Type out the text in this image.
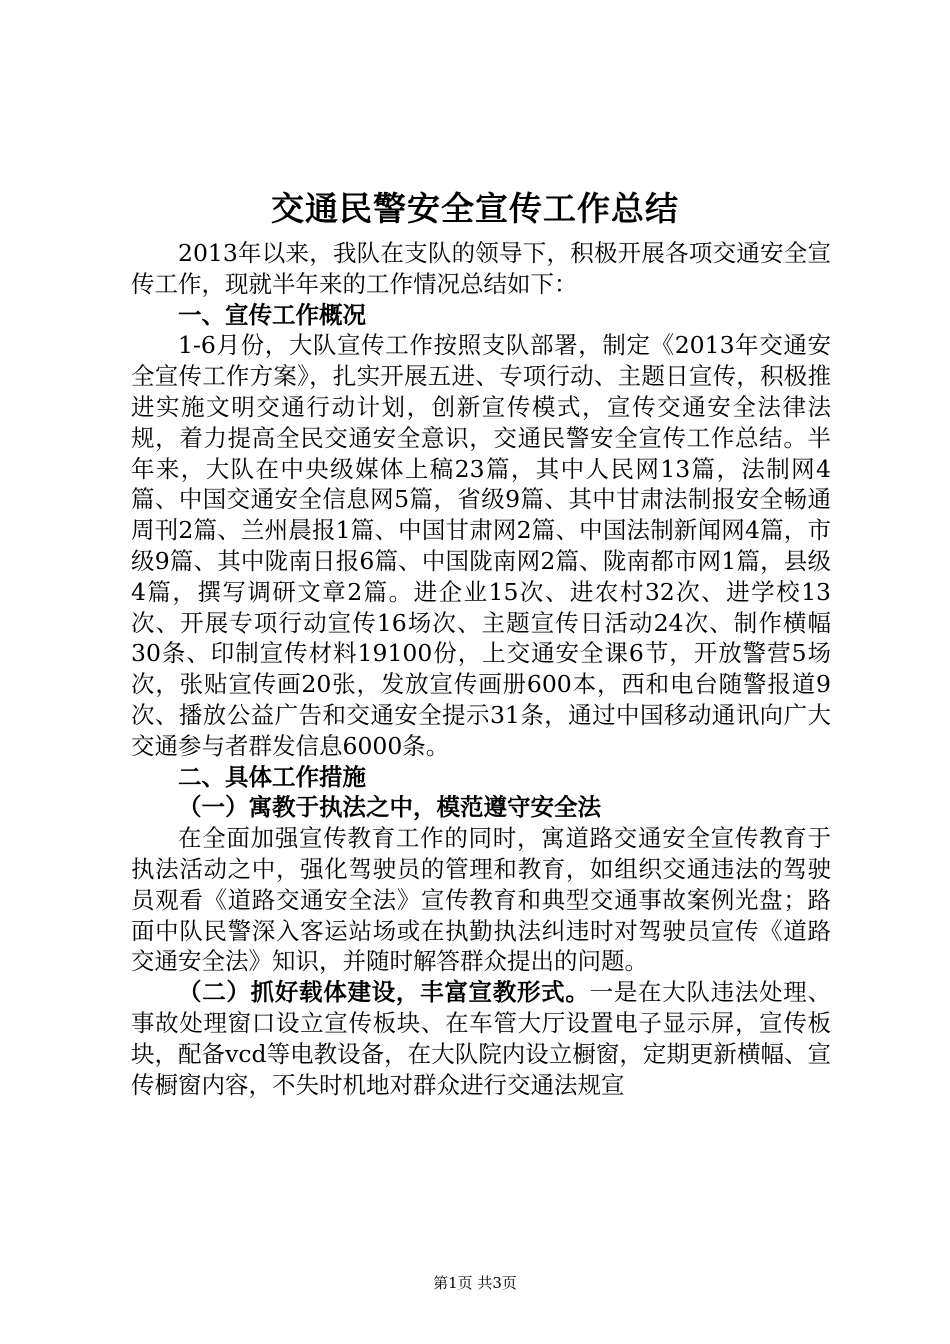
交通民警安全宣传工作总结

2013年以来，我队在支队的领导下，积极开展各项交通安全宣传工作，现就半年来的工作情况总结如下：

一、宣传工作概况

1-6月份，大队宣传工作按照支队部署，制定《2013年交通安全宣传工作方案》，扎实开展五进、专项行动、主题日宣传，积极推进实施文明交通行动计划，创新宣传模式，宣传交通安全法律法规，着力提高全民交通安全意识，交通民警安全宣传工作总结。半年来，大队在中央级媒体上稿23篇，其中人民网13篇，法制网4篇、中国交通安全信息网5篇，省级9篇、其中甘肃法制报安全畅通周刊2篇、兰州晨报1篇、中国甘肃网2篇、中国法制新闻网4篇，市级9篇、其中陇南日报6篇、中国陇南网2篇、陇南都市网1篇，县级4篇，撰写调研文章2篇。进企业15次、进农村32次、进学校13次、开展专项行动宣传16场次、主题宣传日活动24次、制作横幅30条、印制宣传材料19100份，上交通安全课6节，开放警营5场次，张贴宣传画20张，发放宣传画册600本，西和电台随警报道9次、播放公益广告和交通安全提示31条，通过中国移动通讯向广大交通参与者群发信息6000条。

二、具体工作措施

（一）寓教于执法之中，模范遵守安全法

在全面加强宣传教育工作的同时，寓道路交通安全宣传教育于执法活动之中，强化驾驶员的管理和教育，如组织交通违法的驾驶员观看《道路交通安全法》宣传教育和典型交通事故案例光盘；路面中队民警深入客运站场或在执勤执法纠违时对驾驶员宣传《道路交通安全法》知识，并随时解答群众提出的问题。

（二）抓好载体建设，丰富宣教形式。一是在大队违法处理、事故处理窗口设立宣传板块、在车管大厅设置电子显示屏，宣传板块，配备vcd等电教设备，在大队院内设立橱窗，定期更新横幅、宣传橱窗内容，不失时机地对群众进行交通法规宣

第1页 共3页
